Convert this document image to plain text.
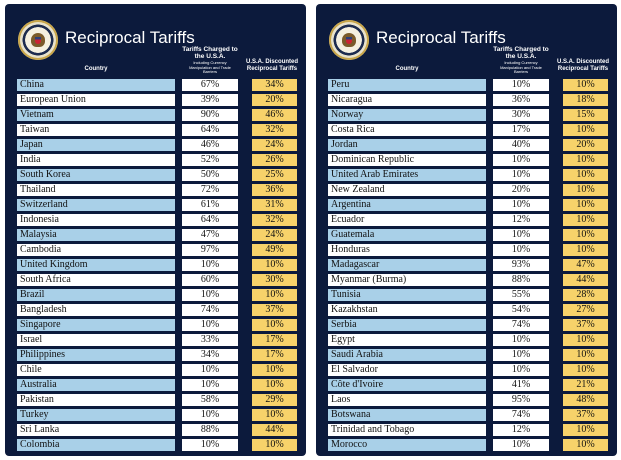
Reciprocal Tariffs
Tariffs Charged to the U.S.A.
Including Currency Manipulation and Trade Barriers
U.S.A. Discounted Reciprocal Tariffs
Country
China	67%	34%
European Union	39%	20%
Vietnam	90%	46%
Taiwan	64%	32%
Japan	46%	24%
India	52%	26%
South Korea	50%	25%
Thailand	72%	36%
Switzerland	61%	31%
Indonesia	64%	32%
Malaysia	47%	24%
Cambodia	97%	49%
United Kingdom	10%	10%
South Africa	60%	30%
Brazil	10%	10%
Bangladesh	74%	37%
Singapore	10%	10%
Israel	33%	17%
Philippines	34%	17%
Chile	10%	10%
Australia	10%	10%
Pakistan	58%	29%
Turkey	10%	10%
Sri Lanka	88%	44%
Colombia	10%	10%
Reciprocal Tariffs
Tariffs Charged to the U.S.A.
Including Currency Manipulation and Trade Barriers
U.S.A. Discounted Reciprocal Tariffs
Country
Peru	10%	10%
Nicaragua	36%	18%
Norway	30%	15%
Costa Rica	17%	10%
Jordan	40%	20%
Dominican Republic	10%	10%
United Arab Emirates	10%	10%
New Zealand	20%	10%
Argentina	10%	10%
Ecuador	12%	10%
Guatemala	10%	10%
Honduras	10%	10%
Madagascar	93%	47%
Myanmar (Burma)	88%	44%
Tunisia	55%	28%
Kazakhstan	54%	27%
Serbia	74%	37%
Egypt	10%	10%
Saudi Arabia	10%	10%
El Salvador	10%	10%
Côte d'Ivoire	41%	21%
Laos	95%	48%
Botswana	74%	37%
Trinidad and Tobago	12%	10%
Morocco	10%	10%
